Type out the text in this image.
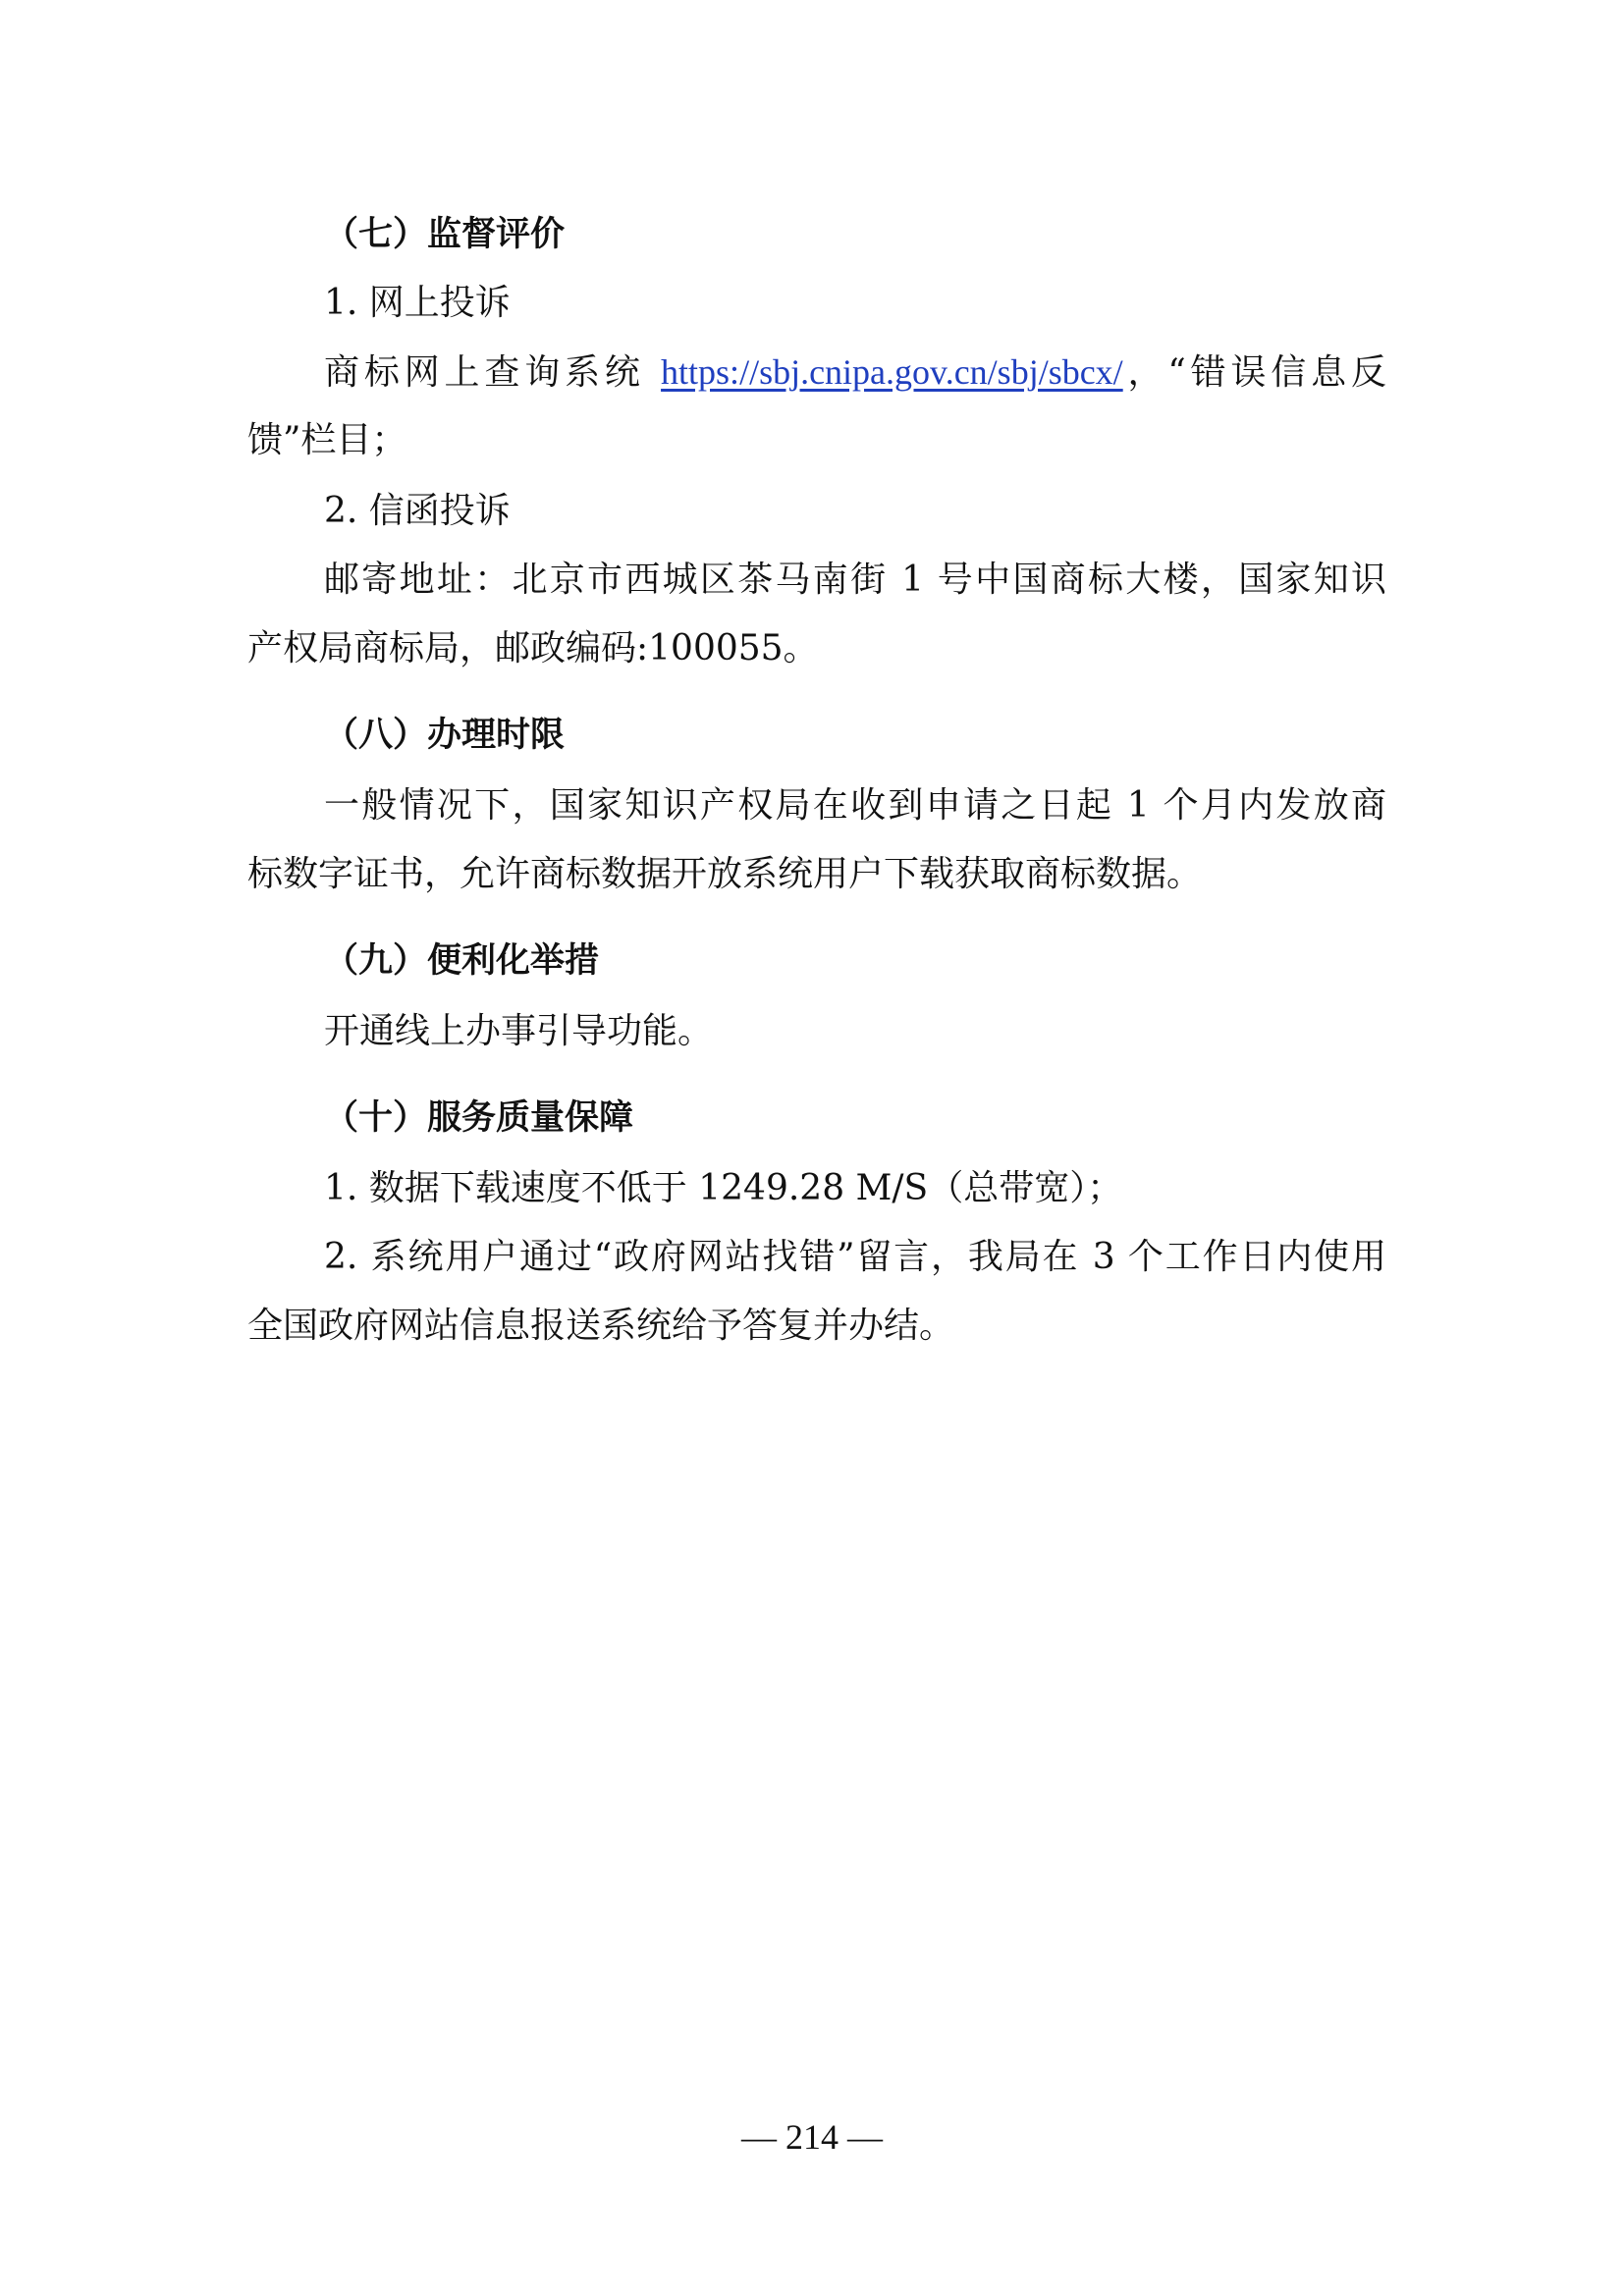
（七）监督评价
1. 网上投诉
商标网上查询系统 https://sbj.cnipa.gov.cn/sbj/sbcx/，“错误信息反
馈”栏目；
2. 信函投诉
邮寄地址：北京市西城区茶马南街 1 号中国商标大楼，国家知识
产权局商标局，邮政编码:100055。
（八）办理时限
一般情况下，国家知识产权局在收到申请之日起 1 个月内发放商
标数字证书，允许商标数据开放系统用户下载获取商标数据。
（九）便利化举措
开通线上办事引导功能。
（十）服务质量保障
1. 数据下载速度不低于 1249.28 M/S（总带宽）；
2. 系统用户通过“政府网站找错”留言，我局在 3 个工作日内使用
全国政府网站信息报送系统给予答复并办结。
— 214 —
